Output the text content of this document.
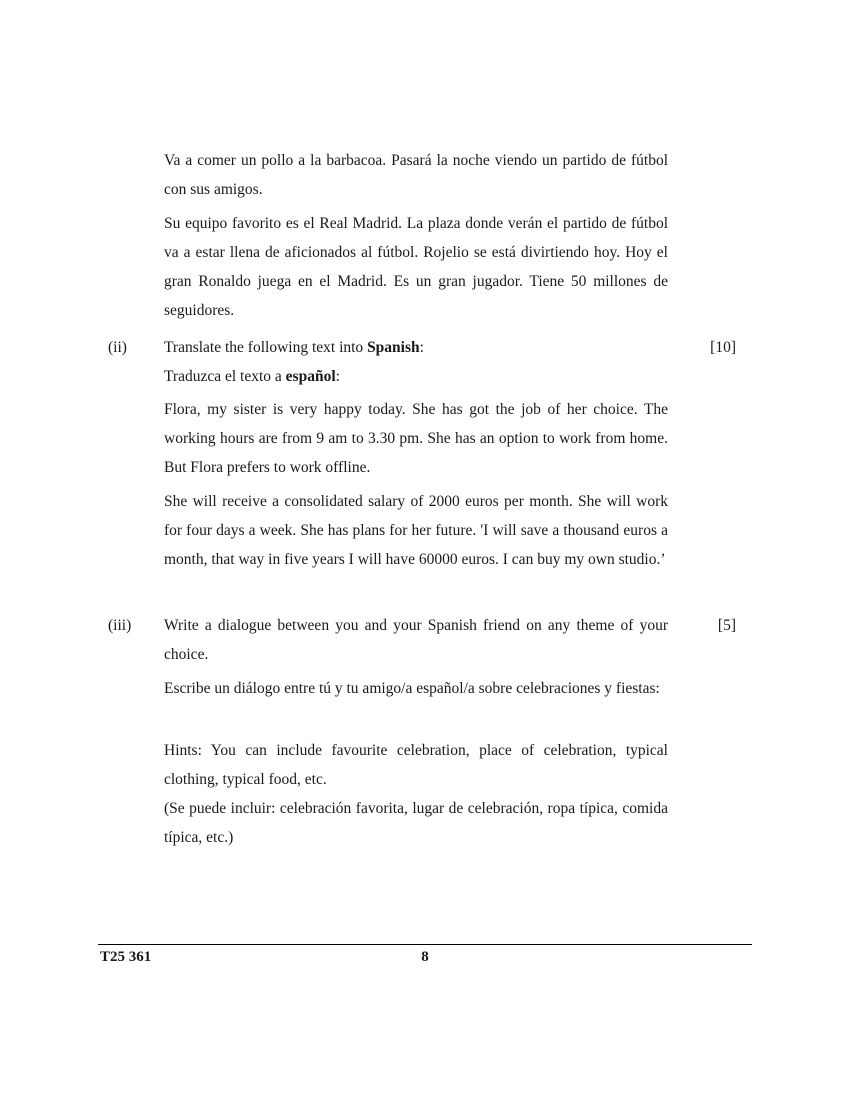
Va a comer un pollo a la barbacoa. Pasará la noche viendo un partido de fútbol con sus amigos.

Su equipo favorito es el Real Madrid. La plaza donde verán el partido de fútbol va a estar llena de aficionados al fútbol. Rojelio se está divirtiendo hoy. Hoy el gran Ronaldo juega en el Madrid. Es un gran jugador. Tiene 50 millones de seguidores.

(ii)	[10]
Translate the following text into Spanish:
Traduzca el texto a español:

Flora, my sister is very happy today. She has got the job of her choice. The working hours are from 9 am to 3.30 pm. She has an option to work from home. But Flora prefers to work offline.

She will receive a consolidated salary of 2000 euros per month. She will work for four days a week. She has plans for her future. 'I will save a thousand euros a month, that way in five years I will have 60000 euros. I can buy my own studio.’

(iii)	[5]

Write a dialogue between you and your Spanish friend on any theme of your choice.

Escribe un diálogo entre tú y tu amigo/a español/a sobre celebraciones y fiestas:

Hints: You can include favourite celebration, place of celebration, typical clothing, typical food, etc.

(Se puede incluir: celebración favorita, lugar de celebración, ropa típica, comida típica, etc.)

T25 361	8
